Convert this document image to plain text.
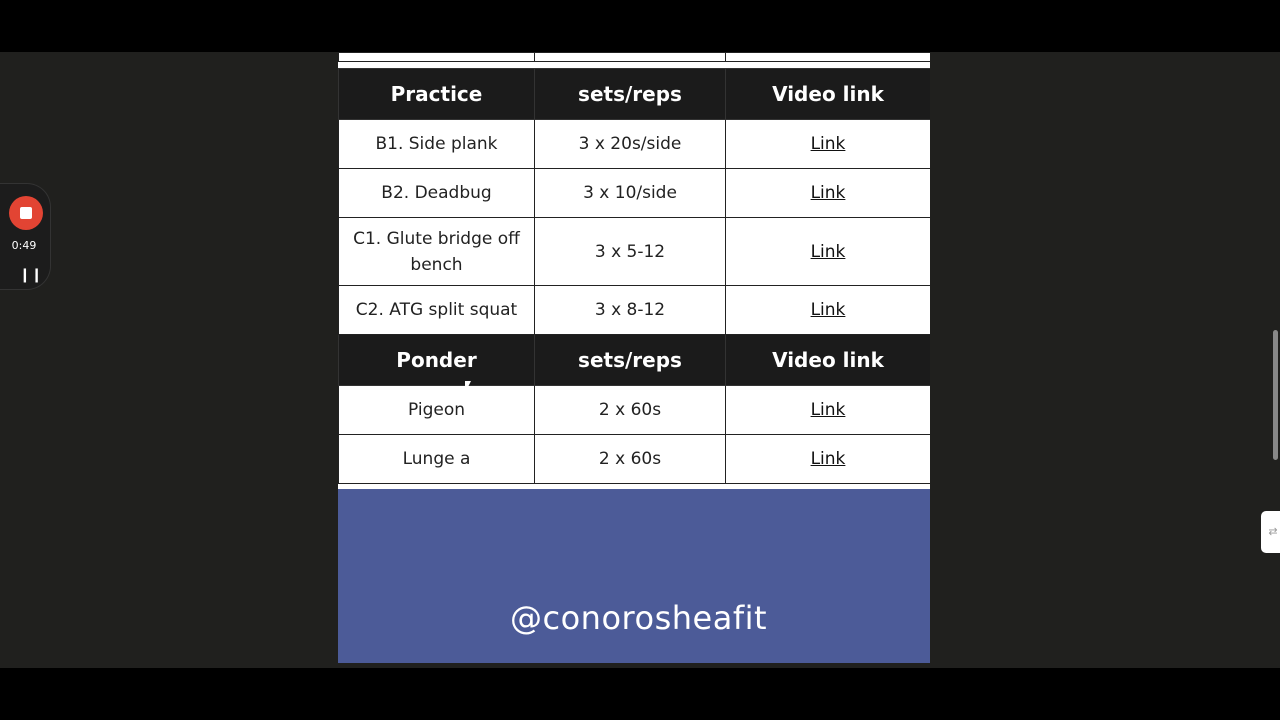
Practice	sets/reps	Video link
B1. Side plank	3 x 20s/side	Link
B2. Deadbug	3 x 10/side	Link
C1. Glute bridge off bench	3 x 5-12	Link
C2. ATG split squat	3 x 8-12	Link
Ponder	sets/reps	Video link
Pigeon	2 x 60s	Link
Lunge a	2 x 60s	Link
@conorosheafit
0:49
❙❙
⇄
